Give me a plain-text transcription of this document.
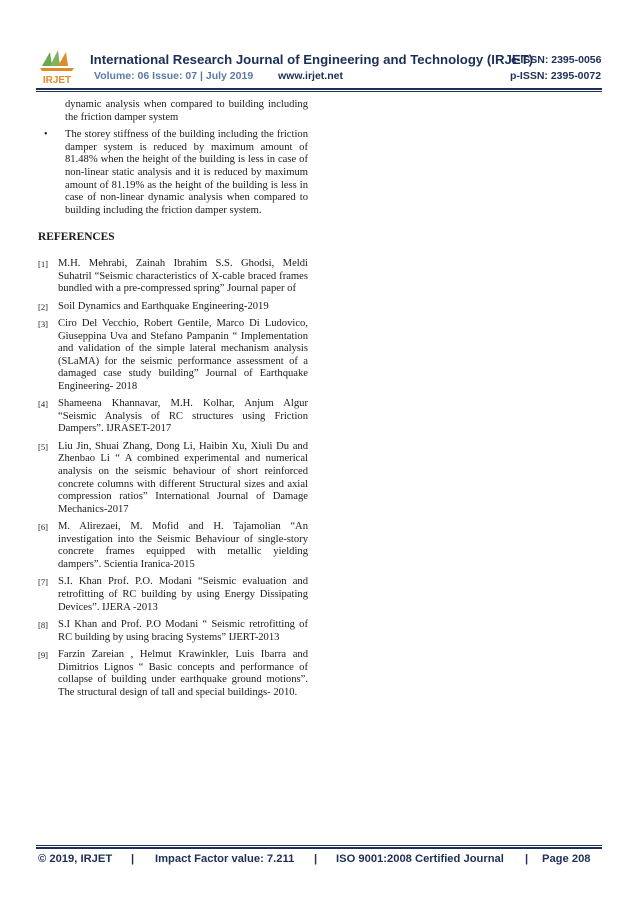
IRJET
International Research Journal of Engineering and Technology (IRJET)
e-ISSN: 2395-0056
Volume: 06 Issue: 07 | July 2019 www.irjet.net	p-ISSN: 2395-0072
dynamic analysis when compared to building including the friction damper system
• The storey stiffness of the building including the friction damper system is reduced by maximum amount of 81.48% when the height of the building is less in case of non-linear static analysis and it is reduced by maximum amount of 81.19% as the height of the building is less in case of non-linear dynamic analysis when compared to building including the friction damper system.
REFERENCES
[1] M.H. Mehrabi, Zainah Ibrahim S.S. Ghodsi, Meldi Suhatril “Seismic characteristics of X-cable braced frames bundled with a pre-compressed spring” Journal paper of
[2] Soil Dynamics and Earthquake Engineering-2019
[3] Ciro Del Vecchio, Robert Gentile, Marco Di Ludovico, Giuseppina Uva and Stefano Pampanin “ Implementation and validation of the simple lateral mechanism analysis (SLaMA) for the seismic performance assessment of a damaged case study building” Journal of Earthquake Engineering- 2018
[4] Shameena Khannavar, M.H. Kolhar, Anjum Algur “Seismic Analysis of RC structures using Friction Dampers”. IJRASET-2017
[5] Liu Jin, Shuai Zhang, Dong Li, Haibin Xu, Xiuli Du and Zhenbao Li “ A combined experimental and numerical analysis on the seismic behaviour of short reinforced concrete columns with different Structural sizes and axial compression ratios” International Journal of Damage Mechanics-2017
[6] M. Alirezaei, M. Mofid and H. Tajamolian “An investigation into the Seismic Behaviour of single-story concrete frames equipped with metallic yielding dampers”. Scientia Iranica-2015
[7] S.I. Khan Prof. P.O. Modani “Seismic evaluation and retrofitting of RC building by using Energy Dissipating Devices”. IJERA -2013
[8] S.I Khan and Prof. P.O Modani “ Seismic retrofitting of RC building by using bracing Systems” IJERT-2013
[9] Farzin Zareian , Helmut Krawinkler, Luis Ibarra and Dimitrios Lignos “ Basic concepts and performance of collapse of building under earthquake ground motions”. The structural design of tall and special buildings- 2010.
© 2019, IRJET | Impact Factor value: 7.211 | ISO 9001:2008 Certified Journal | Page 208
